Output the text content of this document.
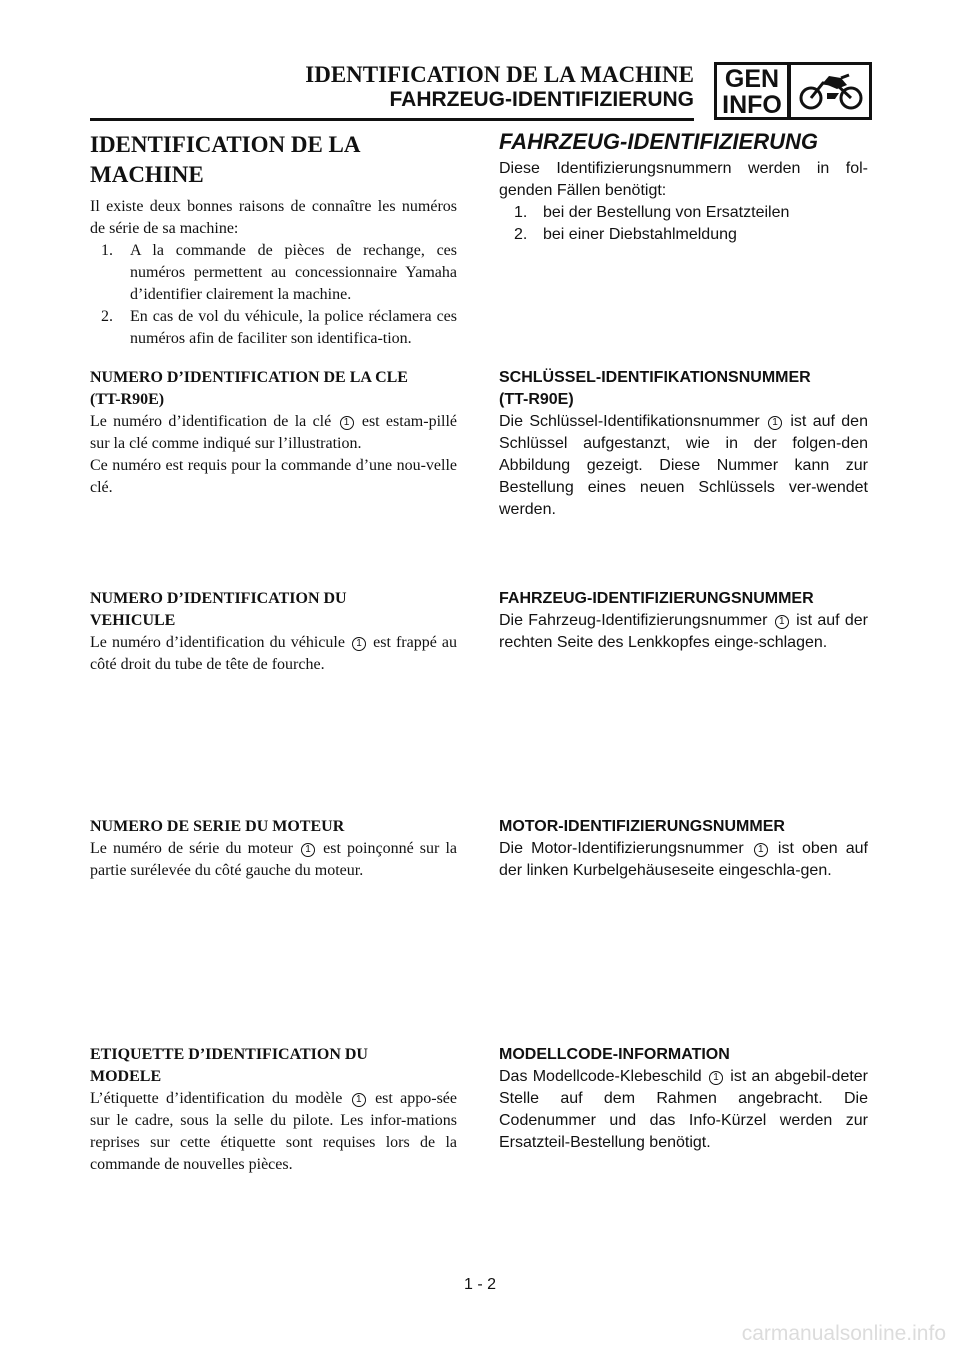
IDENTIFICATION DE LA MACHINE
FAHRZEUG-IDENTIFIZIERUNG
GEN
INFO
IDENTIFICATION DE LA
MACHINE

Il existe deux bonnes raisons de connaître les numéros de série de sa machine:

1. A la commande de pièces de rechange, ces numéros permettent au concessionnaire Yamaha d’identifier clairement la machine.
2. En cas de vol du véhicule, la police réclamera ces numéros afin de faciliter son identifica-tion.
NUMERO D’IDENTIFICATION DE LA CLE
(TT-R90E)

Le numéro d’identification de la clé 1 est estam-pillé sur la clé comme indiqué sur l’illustration.

Ce numéro est requis pour la commande d’une nou-velle clé.

NUMERO D’IDENTIFICATION DU
VEHICULE

Le numéro d’identification du véhicule 1 est frappé au côté droit du tube de tête de fourche.

NUMERO DE SERIE DU MOTEUR

Le numéro de série du moteur 1 est poinçonné sur la partie surélevée du côté gauche du moteur.

ETIQUETTE D’IDENTIFICATION DU
MODELE

L’étiquette d’identification du modèle 1 est appo-sée sur le cadre, sous la selle du pilote. Les infor-mations reprises sur cette étiquette sont requises lors de la commande de nouvelles pièces.

FAHRZEUG-IDENTIFIZIERUNG

Diese Identifizierungsnummern werden in fol-genden Fällen benötigt:

1. bei der Bestellung von Ersatzteilen
2. bei einer Diebstahlmeldung
SCHLÜSSEL-IDENTIFIKATIONSNUMMER
(TT-R90E)

Die Schlüssel-Identifikationsnummer 1 ist auf den Schlüssel aufgestanzt, wie in der folgen-den Abbildung gezeigt. Diese Nummer kann zur Bestellung eines neuen Schlüssels ver-wendet werden.

FAHRZEUG-IDENTIFIZIERUNGSNUMMER

Die Fahrzeug-Identifizierungsnummer 1 ist auf der rechten Seite des Lenkkopfes einge-schlagen.

MOTOR-IDENTIFIZIERUNGSNUMMER

Die Motor-Identifizierungsnummer 1 ist oben auf der linken Kurbelgehäuseseite eingeschla-gen.

MODELLCODE-INFORMATION

Das Modellcode-Klebeschild 1 ist an abgebil-deter Stelle auf dem Rahmen angebracht. Die Codenummer und das Info-Kürzel werden zur Ersatzteil-Bestellung benötigt.

1 - 2
carmanualsonline.info
